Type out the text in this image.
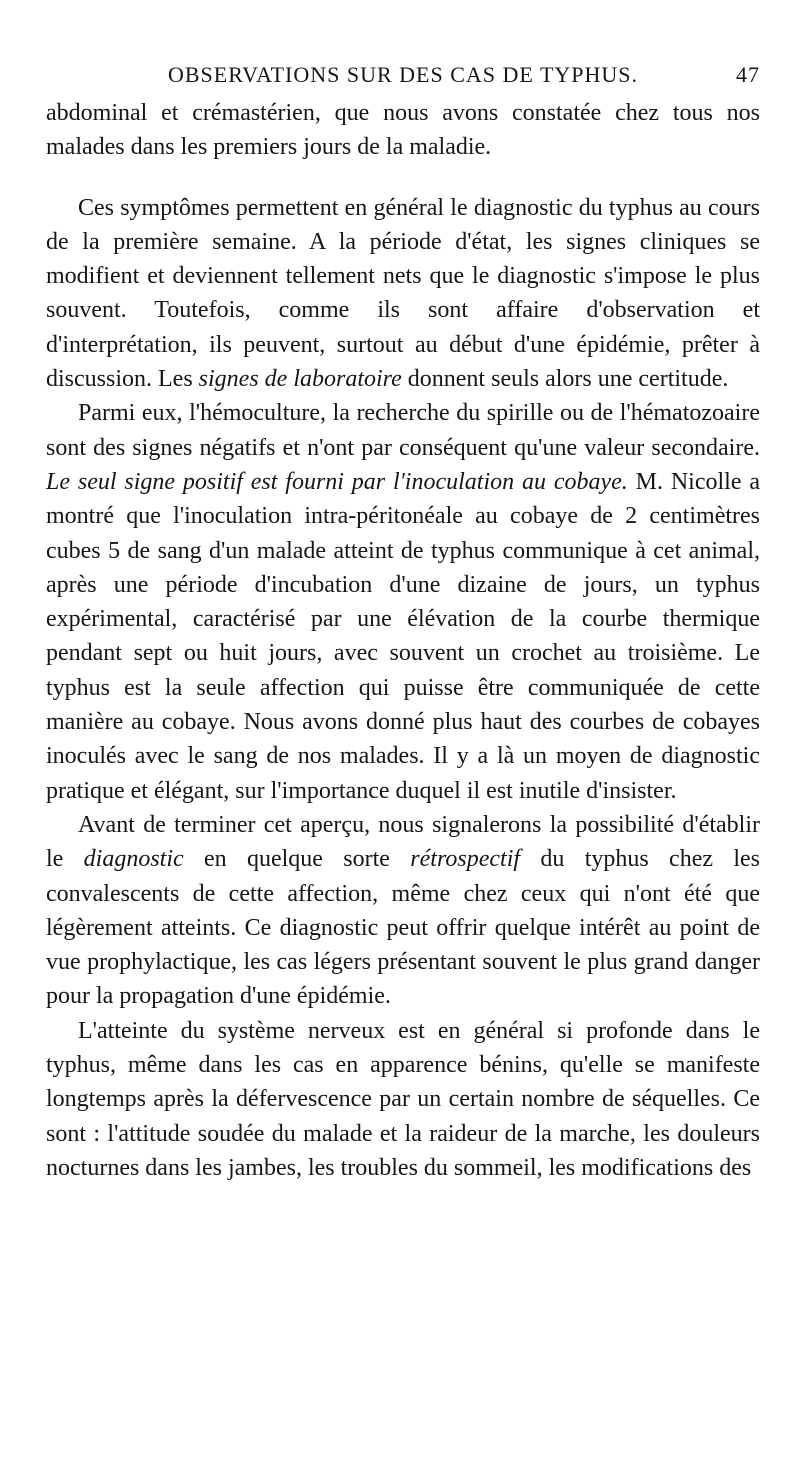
OBSERVATIONS SUR DES CAS DE TYPHUS.	47

abdominal et crémastérien, que nous avons constatée chez tous nos malades dans les premiers jours de la maladie.

Ces symptômes permettent en général le diagnostic du typhus au cours de la première semaine. A la période d'état, les signes cliniques se modifient et deviennent tellement nets que le diagnostic s'impose le plus souvent. Toutefois, comme ils sont affaire d'observation et d'interprétation, ils peuvent, surtout au début d'une épidémie, prêter à discussion. Les signes de laboratoire donnent seuls alors une certitude.

Parmi eux, l'hémoculture, la recherche du spirille ou de l'hématozoaire sont des signes négatifs et n'ont par conséquent qu'une valeur secondaire. Le seul signe positif est fourni par l'inoculation au cobaye. M. Nicolle a montré que l'inoculation intra-péritonéale au cobaye de 2 centimètres cubes 5 de sang d'un malade atteint de typhus communique à cet animal, après une période d'incubation d'une dizaine de jours, un typhus expérimental, caractérisé par une élévation de la courbe thermique pendant sept ou huit jours, avec souvent un crochet au troisième. Le typhus est la seule affection qui puisse être communiquée de cette manière au cobaye. Nous avons donné plus haut des courbes de cobayes inoculés avec le sang de nos malades. Il y a là un moyen de diagnostic pratique et élégant, sur l'importance duquel il est inutile d'insister.

Avant de terminer cet aperçu, nous signalerons la possibilité d'établir le diagnostic en quelque sorte rétrospectif du typhus chez les convalescents de cette affection, même chez ceux qui n'ont été que légèrement atteints. Ce diagnostic peut offrir quelque intérêt au point de vue prophylactique, les cas légers présentant souvent le plus grand danger pour la propagation d'une épidémie.

L'atteinte du système nerveux est en général si profonde dans le typhus, même dans les cas en apparence bénins, qu'elle se manifeste longtemps après la défervescence par un certain nombre de séquelles. Ce sont : l'attitude soudée du malade et la raideur de la marche, les douleurs nocturnes dans les jambes, les troubles du sommeil, les modifications des
